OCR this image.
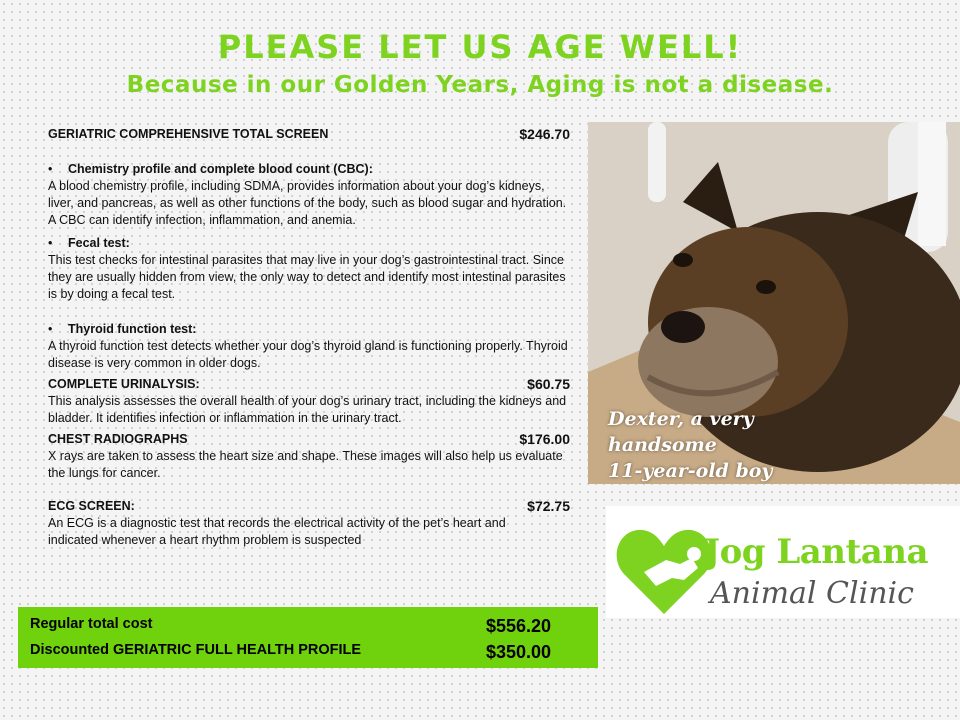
PLEASE LET US AGE WELL!
Because in our Golden Years, Aging is not a disease.
GERIATRIC COMPREHENSIVE TOTAL SCREEN	$246.70
• Chemistry profile and complete blood count (CBC):

A blood chemistry profile, including SDMA, provides information about your dog’s kidneys, liver, and pancreas, as well as other functions of the body, such as blood sugar and hydration. A CBC can identify infection, inflammation, and anemia.

• Fecal test:

This test checks for intestinal parasites that may live in your dog’s gastrointestinal tract. Since they are usually hidden from view, the only way to detect and identify most intestinal parasites is by doing a fecal test.

• Thyroid function test:

A thyroid function test detects whether your dog’s thyroid gland is functioning properly. Thyroid disease is very common in older dogs.

COMPLETE URINALYSIS:	$60.75

This analysis assesses the overall health of your dog’s urinary tract, including the kidneys and bladder. It identifies infection or inflammation in the urinary tract.

CHEST RADIOGRAPHS	$176.00

X rays are taken to assess the heart size and shape. These images will also help us evaluate the lungs for cancer.

ECG SCREEN:	$72.75

An ECG is a diagnostic test that records the electrical activity of the pet’s heart and indicated whenever a heart rhythm problem is suspected

Dexter, a very
handsome
11-year-old boy
Jog Lantana
Animal Clinic
Regular total cost	$556.20
Discounted GERIATRIC FULL HEALTH PROFILE	$350.00
